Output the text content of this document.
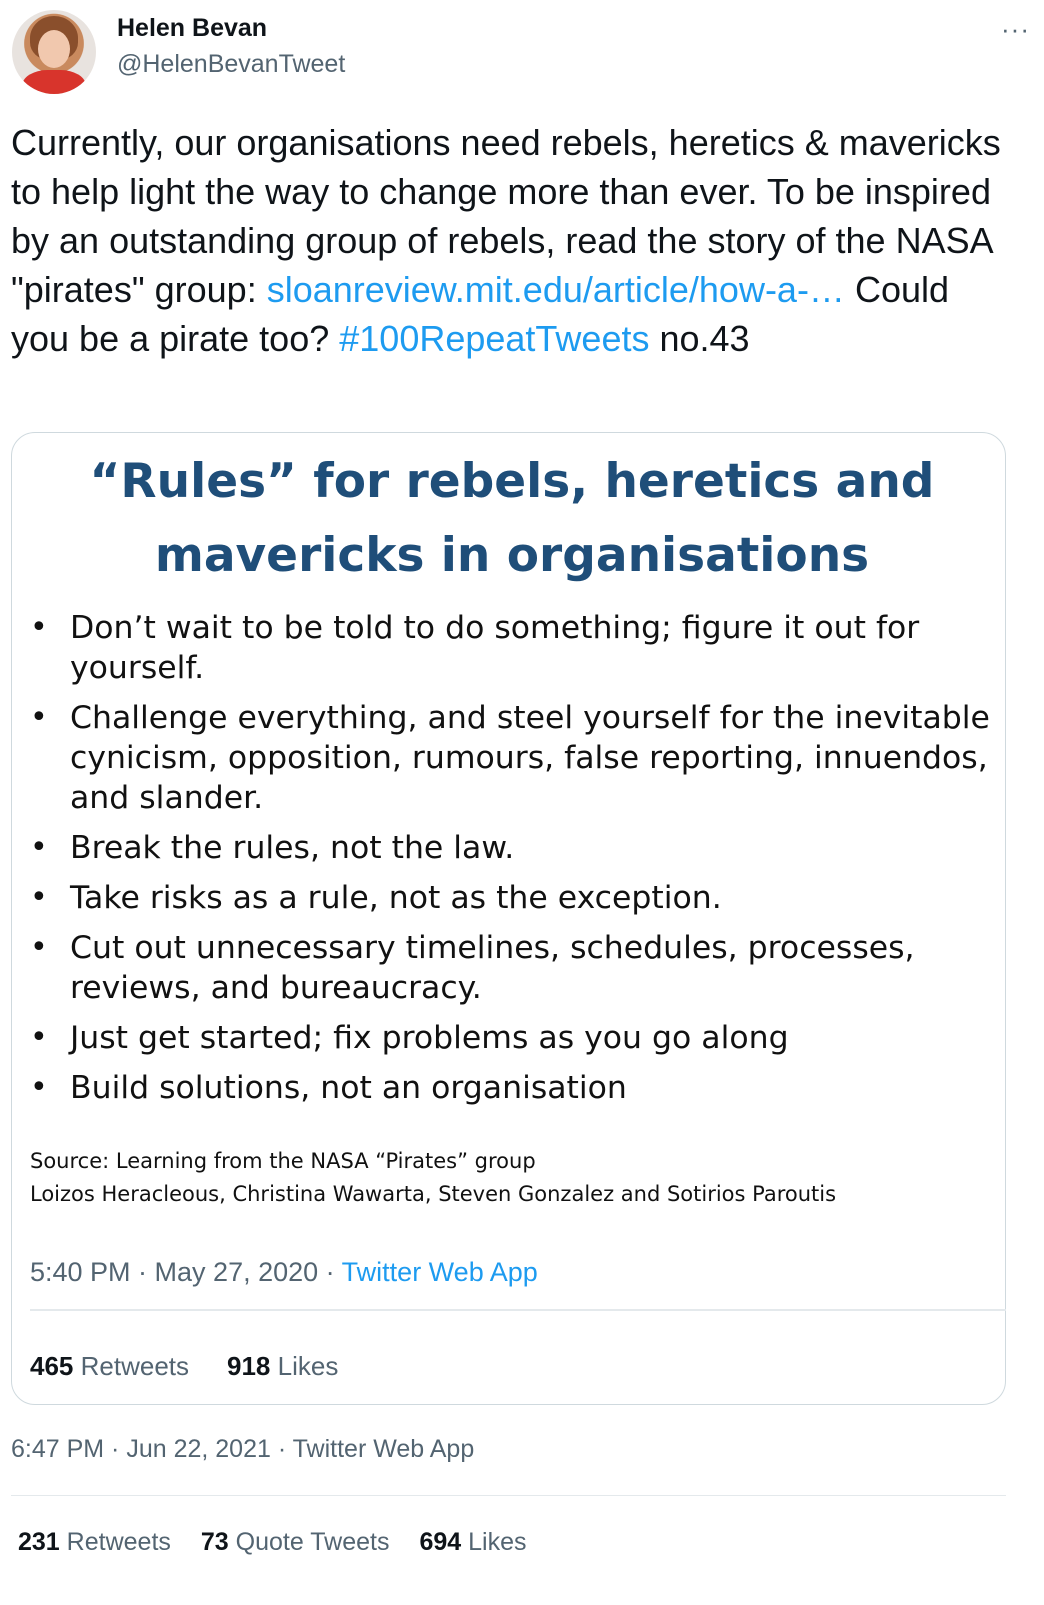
Helen Bevan
@HelenBevanTweet
···
Currently, our organisations need rebels, heretics & mavericks to help light the way to change more than ever. To be inspired by an outstanding group of rebels, read the story of the NASA "pirates" group: sloanreview.mit.edu/article/how-a-… Could you be a pirate too? #100RepeatTweets no.43
“Rules” for rebels, heretics and
mavericks in organisations
• Don’t wait to be told to do something; figure it out for yourself.
• Challenge everything, and steel yourself for the inevitable cynicism, opposition, rumours, false reporting, innuendos, and slander.
• Break the rules, not the law.
• Take risks as a rule, not as the exception.
• Cut out unnecessary timelines, schedules, processes, reviews, and bureaucracy.
• Just get started; fix problems as you go along
• Build solutions, not an organisation
Source: Learning from the NASA “Pirates” group
Loizos Heracleous, Christina Wawarta, Steven Gonzalez and Sotirios Paroutis
5:40 PM · May 27, 2020 · Twitter Web App
465 Retweets 918 Likes
6:47 PM · Jun 22, 2021 · Twitter Web App
231 Retweets 73 Quote Tweets 694 Likes
